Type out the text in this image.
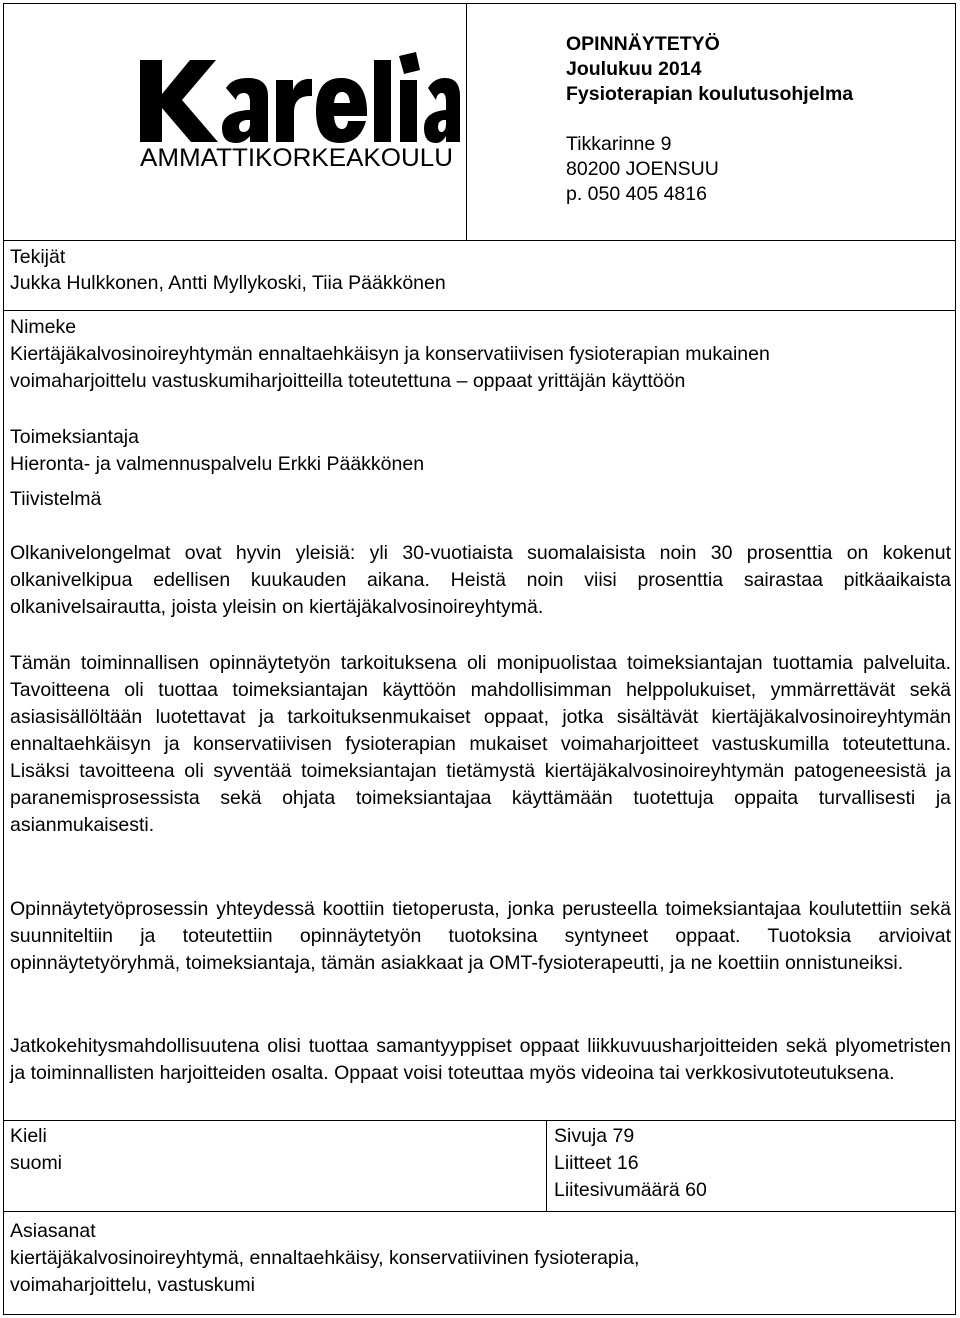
AMMATTIKORKEAKOULU
OPINNÄYTETYÖ
Joulukuu 2014
Fysioterapian koulutusohjelma
Tikkarinne 9
80200 JOENSUU
p. 050 405 4816
Tekijät
Jukka Hulkkonen, Antti Myllykoski, Tiia Pääkkönen
Nimeke
Kiertäjäkalvosinoireyhtymän ennaltaehkäisyn ja konservatiivisen fysioterapian mukainen
voimaharjoittelu vastuskumiharjoitteilla toteutettuna – oppaat yrittäjän käyttöön
Toimeksiantaja
Hieronta- ja valmennuspalvelu Erkki Pääkkönen
Tiivistelmä
Olkanivelongelmat ovat hyvin yleisiä: yli 30-vuotiaista suomalaisista noin 30 prosenttia on kokenut olkanivelkipua edellisen kuukauden aikana. Heistä noin viisi prosenttia sairastaa pitkäaikaista olkanivelsairautta, joista yleisin on kiertäjäkalvosinoireyhtymä.
Tämän toiminnallisen opinnäytetyön tarkoituksena oli monipuolistaa toimeksiantajan tuottamia palveluita. Tavoitteena oli tuottaa toimeksiantajan käyttöön mahdollisimman helppolukuiset, ymmärrettävät sekä asiasisällöltään luotettavat ja tarkoituksenmukaiset oppaat, jotka sisältävät kiertäjäkalvosinoireyhtymän ennaltaehkäisyn ja konservatiivisen fysioterapian mukaiset voimaharjoitteet vastuskumilla toteutettuna. Lisäksi tavoitteena oli syventää toimeksiantajan tietämystä kiertäjäkalvosinoireyhtymän patogeneesistä ja paranemisprosessista sekä ohjata toimeksiantajaa käyttämään tuotettuja oppaita turvallisesti ja asianmukaisesti.
Opinnäytetyöprosessin yhteydessä koottiin tietoperusta, jonka perusteella toimeksiantajaa koulutettiin sekä suunniteltiin ja toteutettiin opinnäytetyön tuotoksina syntyneet oppaat. Tuotoksia arvioivat opinnäytetyöryhmä, toimeksiantaja, tämän asiakkaat ja OMT-fysioterapeutti, ja ne koettiin onnistuneiksi.
Jatkokehitysmahdollisuutena olisi tuottaa samantyyppiset oppaat liikkuvuusharjoitteiden sekä plyometristen ja toiminnallisten harjoitteiden osalta. Oppaat voisi toteuttaa myös videoina tai verkkosivutoteutuksena.
Kieli
suomi
Sivuja 79
Liitteet 16
Liitesivumäärä 60
Asiasanat
kiertäjäkalvosinoireyhtymä, ennaltaehkäisy, konservatiivinen fysioterapia,
voimaharjoittelu, vastuskumi
